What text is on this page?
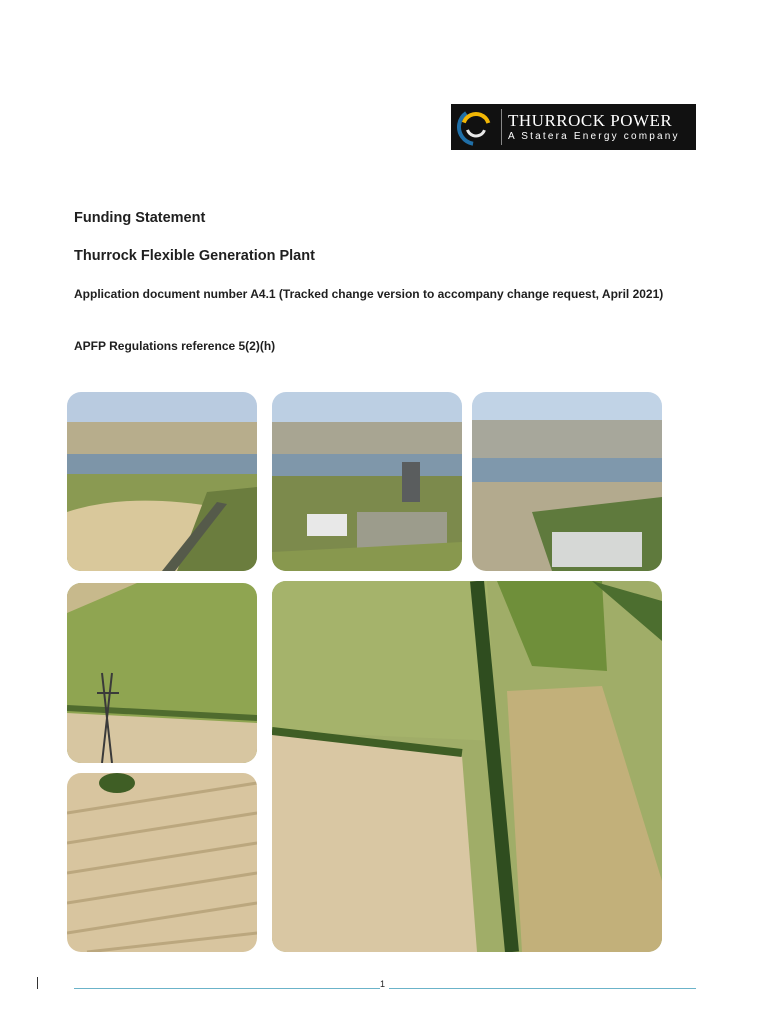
THURROCK POWER
A Statera Energy company
Funding Statement
Thurrock Flexible Generation Plant
Application document number A4.1 (Tracked change version to accompany change request, April 2021)
APFP Regulations reference 5(2)(h)
1
